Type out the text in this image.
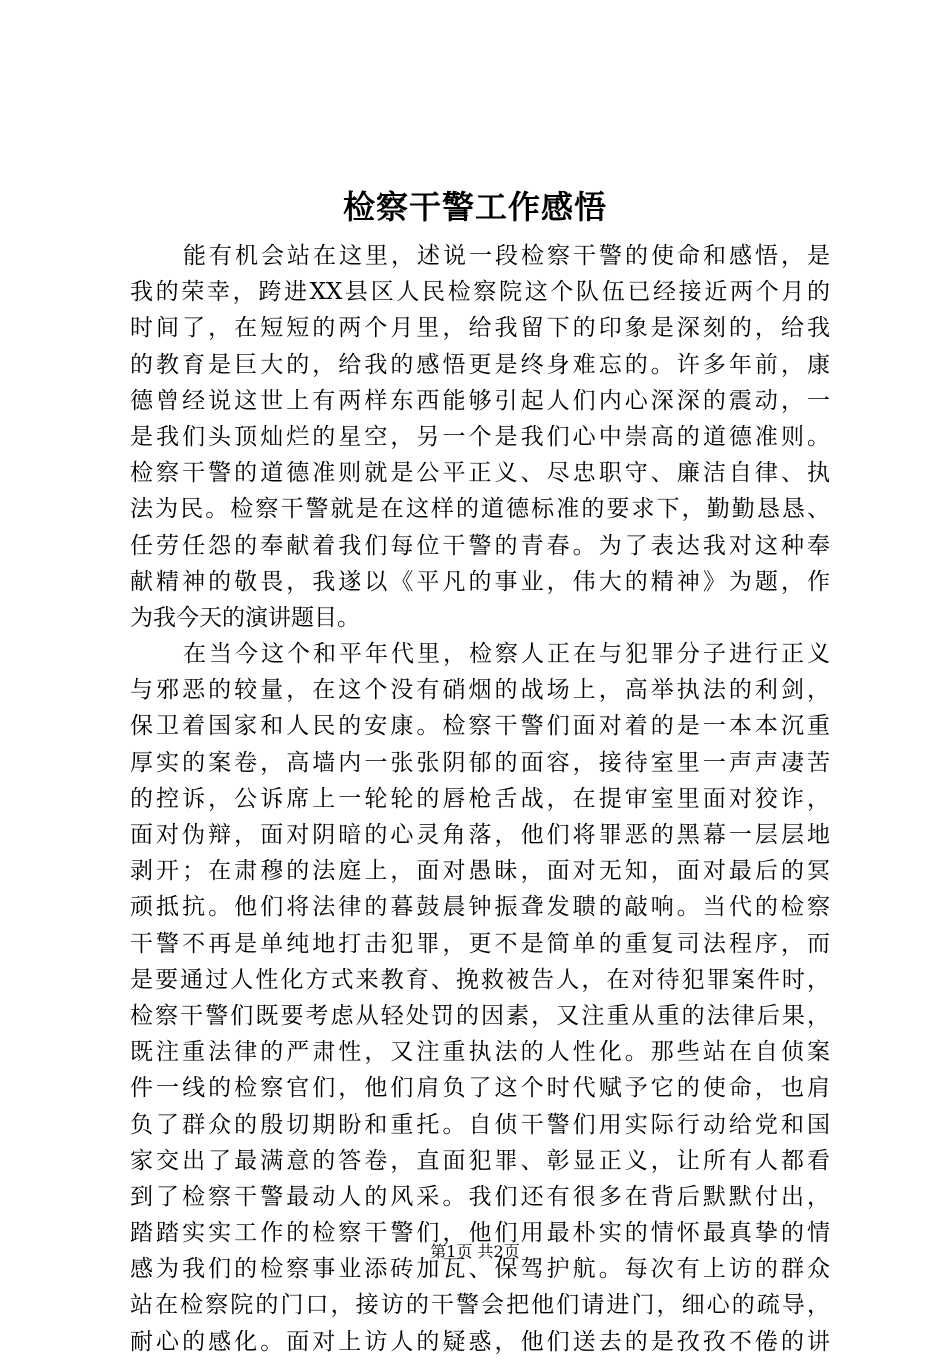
检察干警工作感悟
能有机会站在这里，述说一段检察干警的使命和感悟，是
我的荣幸，跨进XX县区人民检察院这个队伍已经接近两个月的
时间了，在短短的两个月里，给我留下的印象是深刻的，给我
的教育是巨大的，给我的感悟更是终身难忘的。许多年前，康
德曾经说这世上有两样东西能够引起人们内心深深的震动，一
是我们头顶灿烂的星空，另一个是我们心中崇高的道德准则。
检察干警的道德准则就是公平正义、尽忠职守、廉洁自律、执
法为民。检察干警就是在这样的道德标准的要求下，勤勤恳恳、
任劳任怨的奉献着我们每位干警的青春。为了表达我对这种奉
献精神的敬畏，我遂以《平凡的事业，伟大的精神》为题，作
为我今天的演讲题目。
在当今这个和平年代里，检察人正在与犯罪分子进行正义
与邪恶的较量，在这个没有硝烟的战场上，高举执法的利剑，
保卫着国家和人民的安康。检察干警们面对着的是一本本沉重
厚实的案卷，高墙内一张张阴郁的面容，接待室里一声声凄苦
的控诉，公诉席上一轮轮的唇枪舌战，在提审室里面对狡诈，
面对伪辩，面对阴暗的心灵角落，他们将罪恶的黑幕一层层地
剥开；在肃穆的法庭上，面对愚昧，面对无知，面对最后的冥
顽抵抗。他们将法律的暮鼓晨钟振聋发聩的敲响。当代的检察
干警不再是单纯地打击犯罪，更不是简单的重复司法程序，而
是要通过人性化方式来教育、挽救被告人，在对待犯罪案件时，
检察干警们既要考虑从轻处罚的因素，又注重从重的法律后果，
既注重法律的严肃性，又注重执法的人性化。那些站在自侦案
件一线的检察官们，他们肩负了这个时代赋予它的使命，也肩
负了群众的殷切期盼和重托。自侦干警们用实际行动给党和国
家交出了最满意的答卷，直面犯罪、彰显正义，让所有人都看
到了检察干警最动人的风采。我们还有很多在背后默默付出，
踏踏实实工作的检察干警们，他们用最朴实的情怀最真挚的情
感为我们的检察事业添砖加瓦、保驾护航。每次有上访的群众
站在检察院的门口，接访的干警会把他们请进门，细心的疏导，
耐心的感化。面对上访人的疑惑，他们送去的是孜孜不倦的讲
第1页 共2页
